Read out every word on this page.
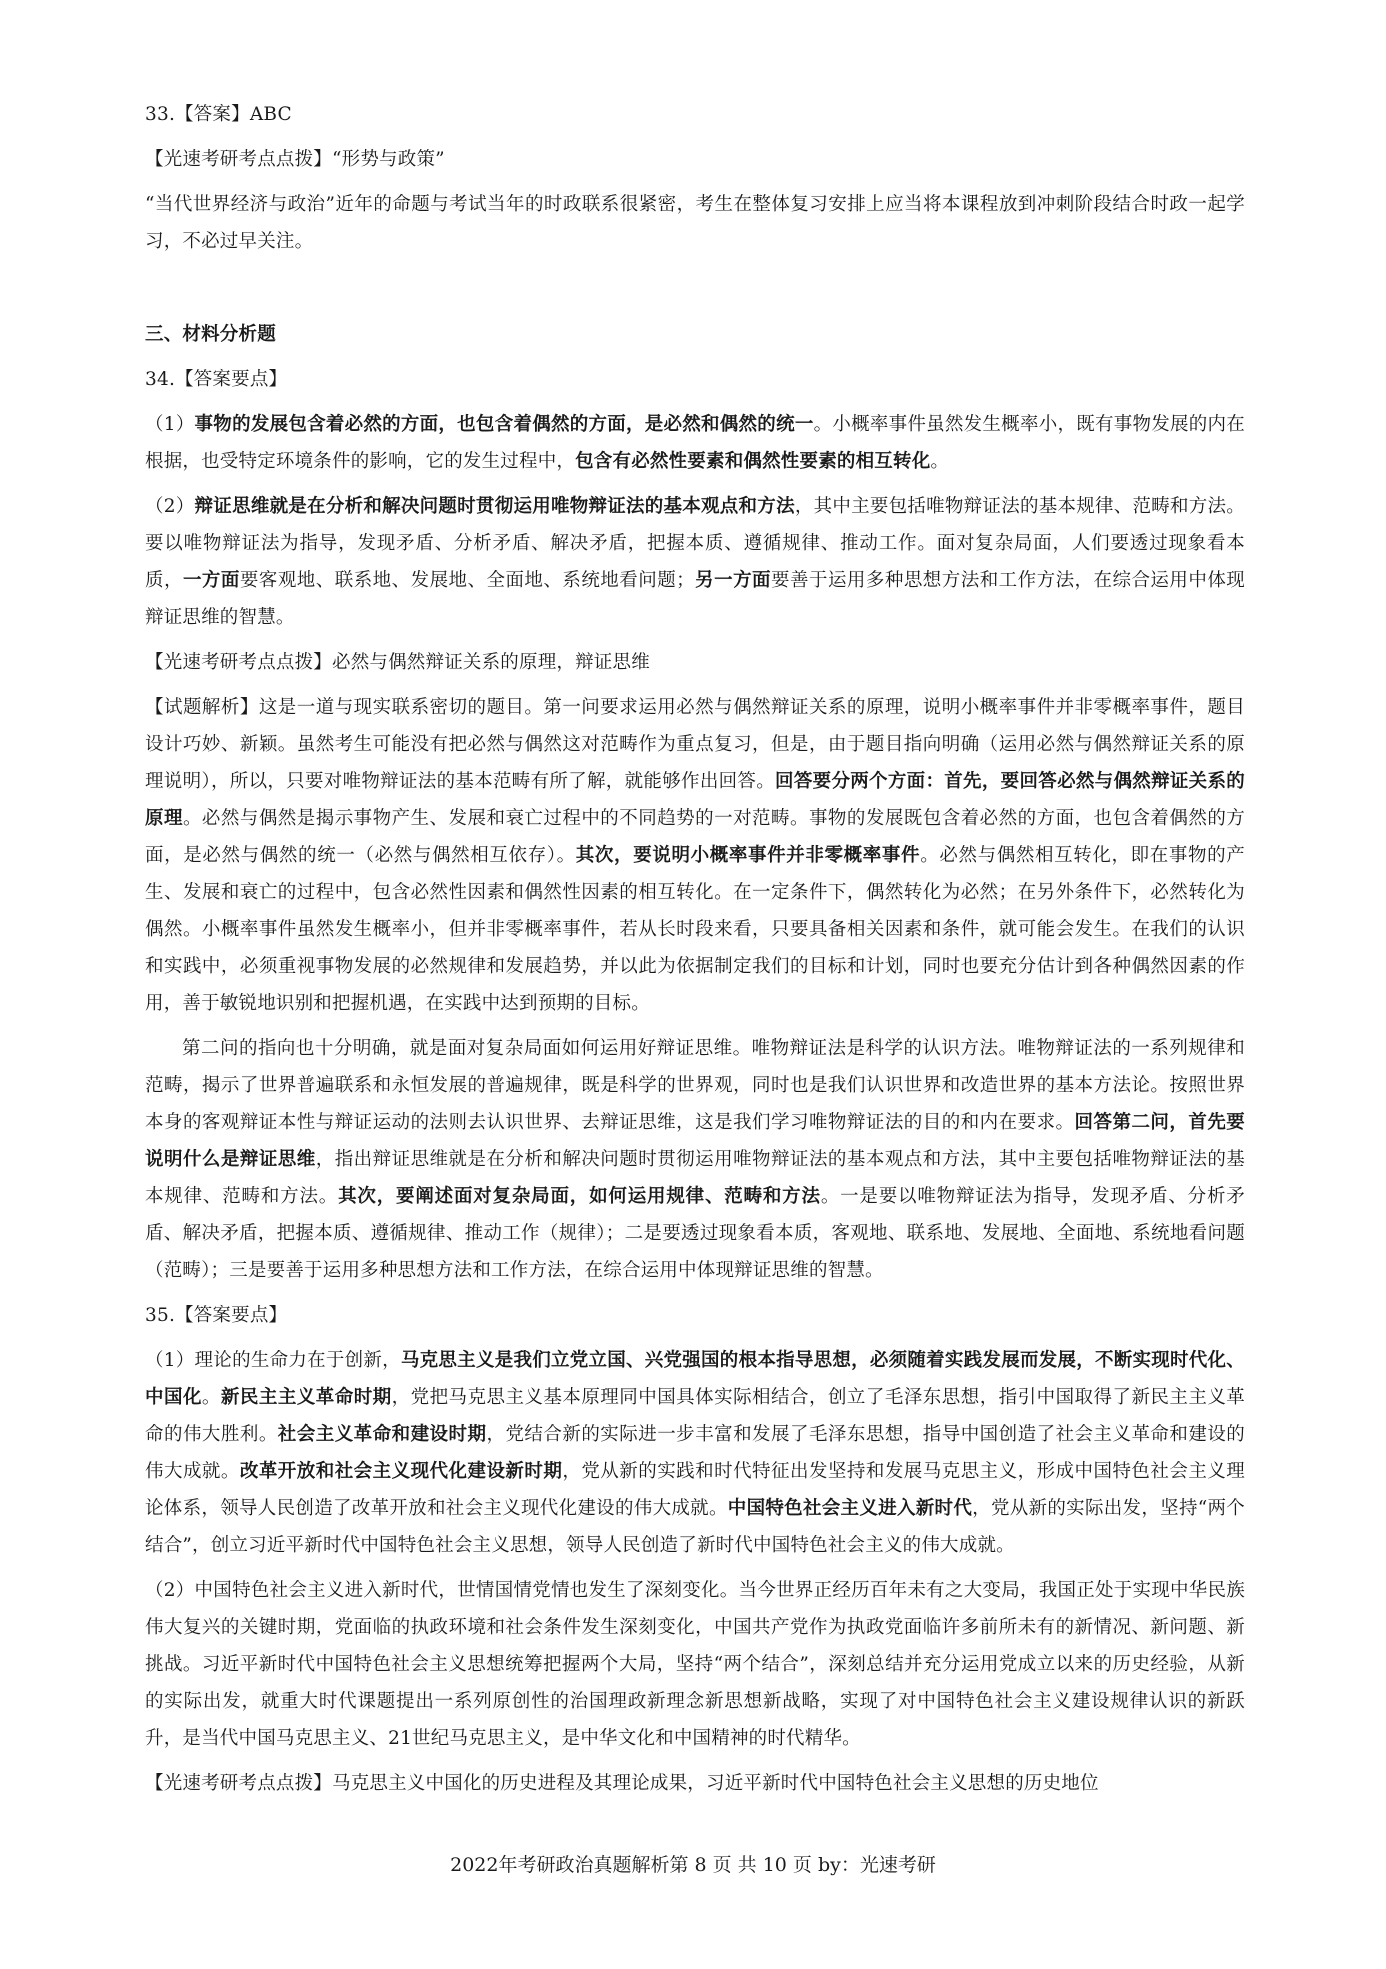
33.【答案】ABC

【光速考研考点点拨】“形势与政策”

“当代世界经济与政治”近年的命题与考试当年的时政联系很紧密，考生在整体复习安排上应当将本课程放到冲刺阶段结合时政一起学习，不必过早关注。

三、材料分析题

34.【答案要点】

（1）事物的发展包含着必然的方面，也包含着偶然的方面，是必然和偶然的统一。小概率事件虽然发生概率小，既有事物发展的内在根据，也受特定环境条件的影响，它的发生过程中，包含有必然性要素和偶然性要素的相互转化。

（2）辩证思维就是在分析和解决问题时贯彻运用唯物辩证法的基本观点和方法，其中主要包括唯物辩证法的基本规律、范畴和方法。要以唯物辩证法为指导，发现矛盾、分析矛盾、解决矛盾，把握本质、遵循规律、推动工作。面对复杂局面，人们要透过现象看本质，一方面要客观地、联系地、发展地、全面地、系统地看问题；另一方面要善于运用多种思想方法和工作方法，在综合运用中体现辩证思维的智慧。

【光速考研考点点拨】必然与偶然辩证关系的原理，辩证思维

【试题解析】这是一道与现实联系密切的题目。第一问要求运用必然与偶然辩证关系的原理，说明小概率事件并非零概率事件，题目设计巧妙、新颖。虽然考生可能没有把必然与偶然这对范畴作为重点复习，但是，由于题目指向明确（运用必然与偶然辩证关系的原理说明），所以，只要对唯物辩证法的基本范畴有所了解，就能够作出回答。回答要分两个方面：首先，要回答必然与偶然辩证关系的原理。必然与偶然是揭示事物产生、发展和衰亡过程中的不同趋势的一对范畴。事物的发展既包含着必然的方面，也包含着偶然的方面，是必然与偶然的统一（必然与偶然相互依存）。其次，要说明小概率事件并非零概率事件。必然与偶然相互转化，即在事物的产生、发展和衰亡的过程中，包含必然性因素和偶然性因素的相互转化。在一定条件下，偶然转化为必然；在另外条件下，必然转化为偶然。小概率事件虽然发生概率小，但并非零概率事件，若从长时段来看，只要具备相关因素和条件，就可能会发生。在我们的认识和实践中，必须重视事物发展的必然规律和发展趋势，并以此为依据制定我们的目标和计划，同时也要充分估计到各种偶然因素的作用，善于敏锐地识别和把握机遇，在实践中达到预期的目标。

第二问的指向也十分明确，就是面对复杂局面如何运用好辩证思维。唯物辩证法是科学的认识方法。唯物辩证法的一系列规律和范畴，揭示了世界普遍联系和永恒发展的普遍规律，既是科学的世界观，同时也是我们认识世界和改造世界的基本方法论。按照世界本身的客观辩证本性与辩证运动的法则去认识世界、去辩证思维，这是我们学习唯物辩证法的目的和内在要求。回答第二问，首先要说明什么是辩证思维，指出辩证思维就是在分析和解决问题时贯彻运用唯物辩证法的基本观点和方法，其中主要包括唯物辩证法的基本规律、范畴和方法。其次，要阐述面对复杂局面，如何运用规律、范畴和方法。一是要以唯物辩证法为指导，发现矛盾、分析矛盾、解决矛盾，把握本质、遵循规律、推动工作（规律）；二是要透过现象看本质，客观地、联系地、发展地、全面地、系统地看问题（范畴）；三是要善于运用多种思想方法和工作方法，在综合运用中体现辩证思维的智慧。

35.【答案要点】

（1）理论的生命力在于创新，马克思主义是我们立党立国、兴党强国的根本指导思想，必须随着实践发展而发展，不断实现时代化、中国化。新民主主义革命时期，党把马克思主义基本原理同中国具体实际相结合，创立了毛泽东思想，指引中国取得了新民主主义革命的伟大胜利。社会主义革命和建设时期，党结合新的实际进一步丰富和发展了毛泽东思想，指导中国创造了社会主义革命和建设的伟大成就。改革开放和社会主义现代化建设新时期，党从新的实践和时代特征出发坚持和发展马克思主义，形成中国特色社会主义理论体系，领导人民创造了改革开放和社会主义现代化建设的伟大成就。中国特色社会主义进入新时代，党从新的实际出发，坚持“两个结合”，创立习近平新时代中国特色社会主义思想，领导人民创造了新时代中国特色社会主义的伟大成就。

（2）中国特色社会主义进入新时代，世情国情党情也发生了深刻变化。当今世界正经历百年未有之大变局，我国正处于实现中华民族伟大复兴的关键时期，党面临的执政环境和社会条件发生深刻变化，中国共产党作为执政党面临许多前所未有的新情况、新问题、新挑战。习近平新时代中国特色社会主义思想统筹把握两个大局，坚持“两个结合”，深刻总结并充分运用党成立以来的历史经验，从新的实际出发，就重大时代课题提出一系列原创性的治国理政新理念新思想新战略，实现了对中国特色社会主义建设规律认识的新跃升，是当代中国马克思主义、21世纪马克思主义，是中华文化和中国精神的时代精华。

【光速考研考点点拨】马克思主义中国化的历史进程及其理论成果，习近平新时代中国特色社会主义思想的历史地位

2022年考研政治真题解析第 8 页 共 10 页 by：光速考研
